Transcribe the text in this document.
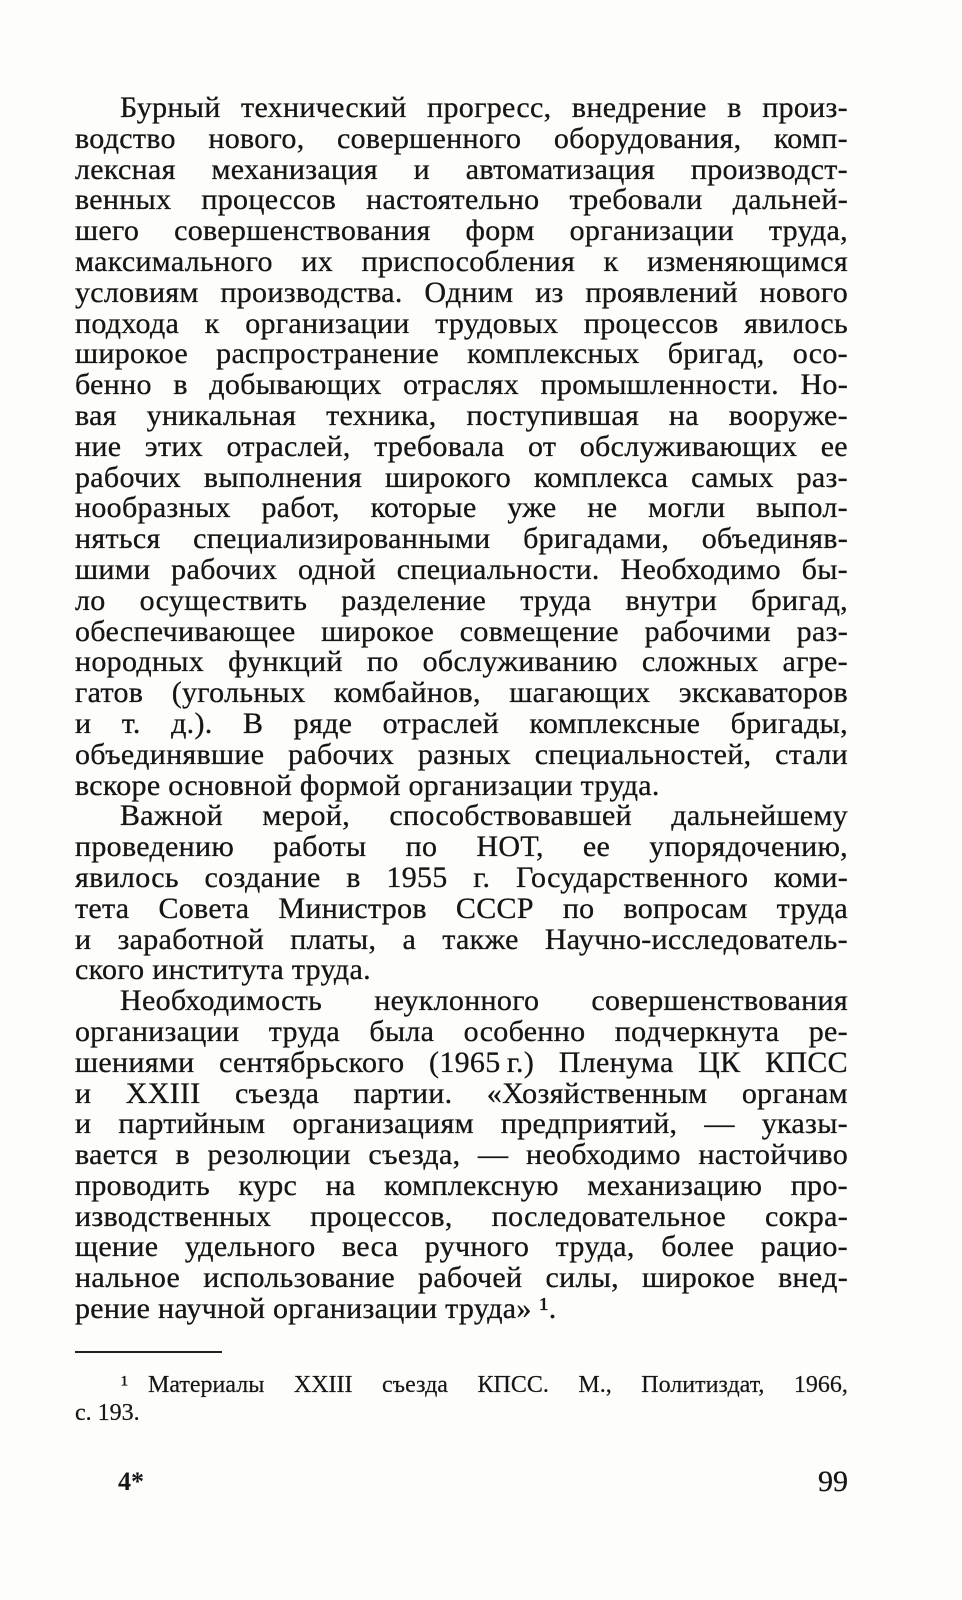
Бурный технический прогресс, внедрение в произ-
водство нового, совершенного оборудования, комп-
лексная механизация и автоматизация производст-
венных процессов настоятельно требовали дальней-
шего совершенствования форм организации труда,
максимального их приспособления к изменяющимся
условиям производства. Одним из проявлений нового
подхода к организации трудовых процессов явилось
широкое распространение комплексных бригад, осо-
бенно в добывающих отраслях промышленности. Но-
вая уникальная техника, поступившая на вооруже-
ние этих отраслей, требовала от обслуживающих ее
рабочих выполнения широкого комплекса самых раз-
нообразных работ, которые уже не могли выпол-
няться специализированными бригадами, объединяв-
шими рабочих одной специальности. Необходимо бы-
ло осуществить разделение труда внутри бригад,
обеспечивающее широкое совмещение рабочими раз-
нородных функций по обслуживанию сложных агре-
гатов (угольных комбайнов, шагающих экскаваторов
и т. д.). В ряде отраслей комплексные бригады,
объединявшие рабочих разных специальностей, стали
вскоре основной формой организации труда.
Важной мерой, способствовавшей дальнейшему
проведению работы по НОТ, ее упорядочению,
явилось создание в 1955 г. Государственного коми-
тета Совета Министров СССР по вопросам труда
и заработной платы, а также Научно-исследователь-
ского института труда.
Необходимость неуклонного совершенствования
организации труда была особенно подчеркнута ре-
шениями сентябрьского (1965 г.) Пленума ЦК КПСС
и XXIII съезда партии. «Хозяйственным органам
и партийным организациям предприятий, — указы-
вается в резолюции съезда, — необходимо настойчиво
проводить курс на комплексную механизацию про-
изводственных процессов, последовательное сокра-
щение удельного веса ручного труда, более рацио-
нальное использование рабочей силы, широкое внед-
рение научной организации труда» ¹.
¹ Материалы XXIII съезда КПСС. М., Политиздат, 1966,
с. 193.
4*	99
